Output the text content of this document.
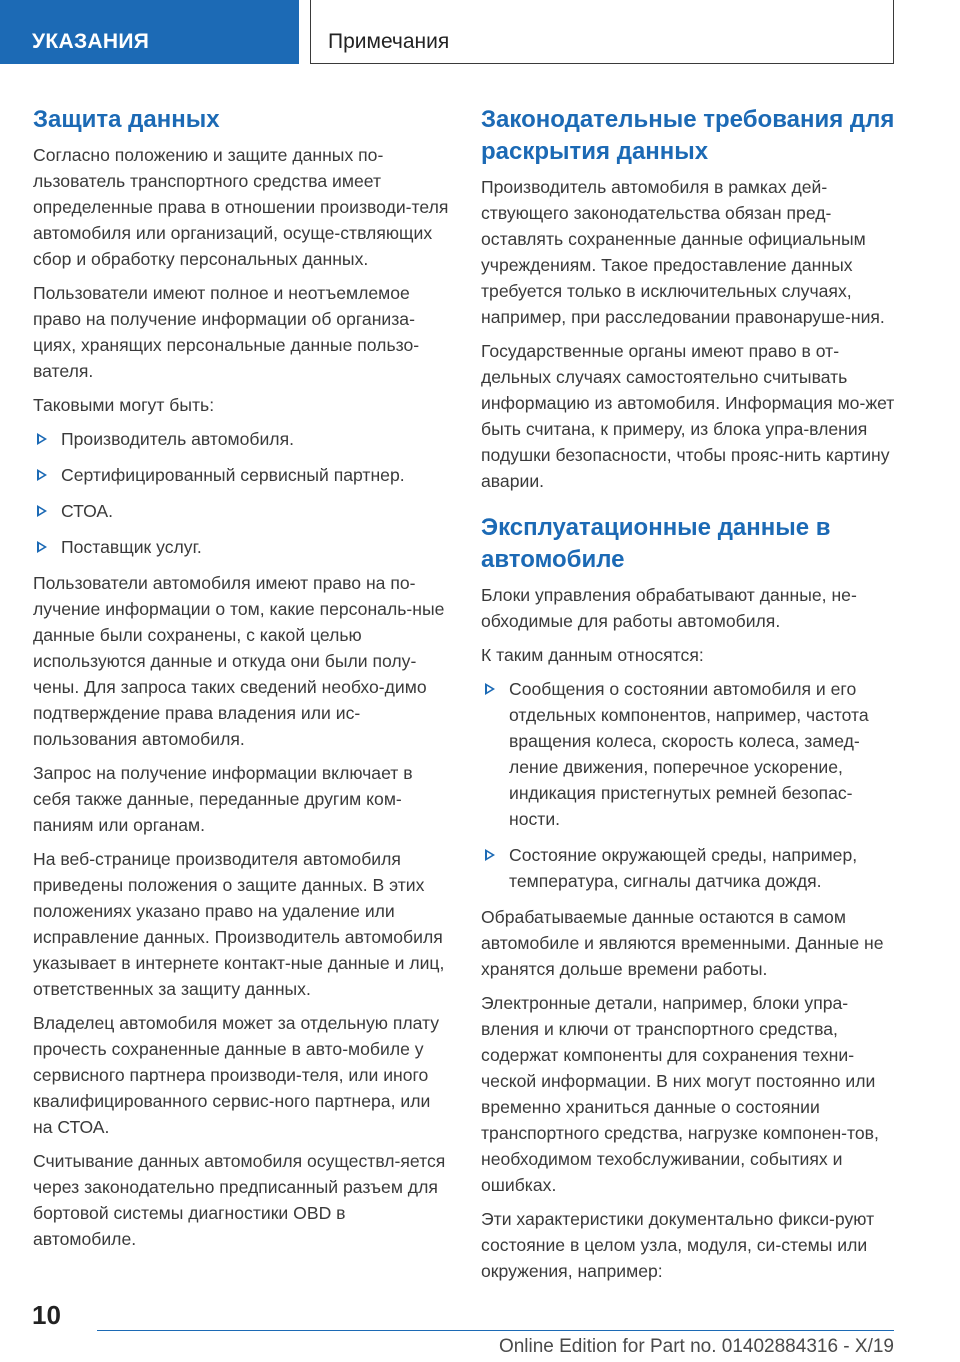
УКАЗАНИЯ	Примечания
Защита данных

Согласно положению и защите данных по-льзователь транспортного средства имеет определенные права в отношении производи-теля автомобиля или организаций, осуще-ствляющих сбор и обработку персональных данных.

Пользователи имеют полное и неотъемлемое право на получение информации об организа-циях, хранящих персональные данные пользо-вателя.

Таковыми могут быть:

Производитель автомобиля.

Сертифицированный сервисный партнер.

СТОА.

Поставщик услуг.

Пользователи автомобиля имеют право на по-лучение информации о том, какие персональ-ные данные были сохранены, с какой целью используются данные и откуда они были полу-чены. Для запроса таких сведений необхо-димо подтверждение права владения или ис-пользования автомобиля.

Запрос на получение информации включает в себя также данные, переданные другим ком-паниям или органам.

На веб-странице производителя автомобиля приведены положения о защите данных. В этих положениях указано право на удаление или исправление данных. Производитель автомобиля указывает в интернете контакт-ные данные и лиц, ответственных за защиту данных.

Владелец автомобиля может за отдельную плату прочесть сохраненные данные в авто-мобиле у сервисного партнера производи-теля, или иного квалифицированного сервис-ного партнера, или на СТОА.

Считывание данных автомобиля осуществл-яется через законодательно предписанный разъем для бортовой системы диагностики OBD в автомобиле.

Законодательные требования для раскрытия данных

Производитель автомобиля в рамках дей-ствующего законодательства обязан пред-оставлять сохраненные данные официальным учреждениям. Такое предоставление данных требуется только в исключительных случаях, например, при расследовании правонаруше-ния.

Государственные органы имеют право в от-дельных случаях самостоятельно считывать информацию из автомобиля. Информация мо-жет быть считана, к примеру, из блока упра-вления подушки безопасности, чтобы прояс-нить картину аварии.

Эксплуатационные данные в автомобиле

Блоки управления обрабатывают данные, не-обходимые для работы автомобиля.

К таким данным относятся:

Сообщения о состоянии автомобиля и его отдельных компонентов, например, частота вращения колеса, скорость колеса, замед-ление движения, поперечное ускорение, индикация пристегнутых ремней безопас-ности.

Состояние окружающей среды, например, температура, сигналы датчика дождя.

Обрабатываемые данные остаются в самом автомобиле и являются временными. Данные не хранятся дольше времени работы.

Электронные детали, например, блоки упра-вления и ключи от транспортного средства, содержат компоненты для сохранения техни-ческой информации. В них могут постоянно или временно храниться данные о состоянии транспортного средства, нагрузке компонен-тов, необходимом техобслуживании, событиях и ошибках.

Эти характеристики документально фикси-руют состояние в целом узла, модуля, си-стемы или окружения, например:

10
Online Edition for Part no. 01402884316 - X/19
